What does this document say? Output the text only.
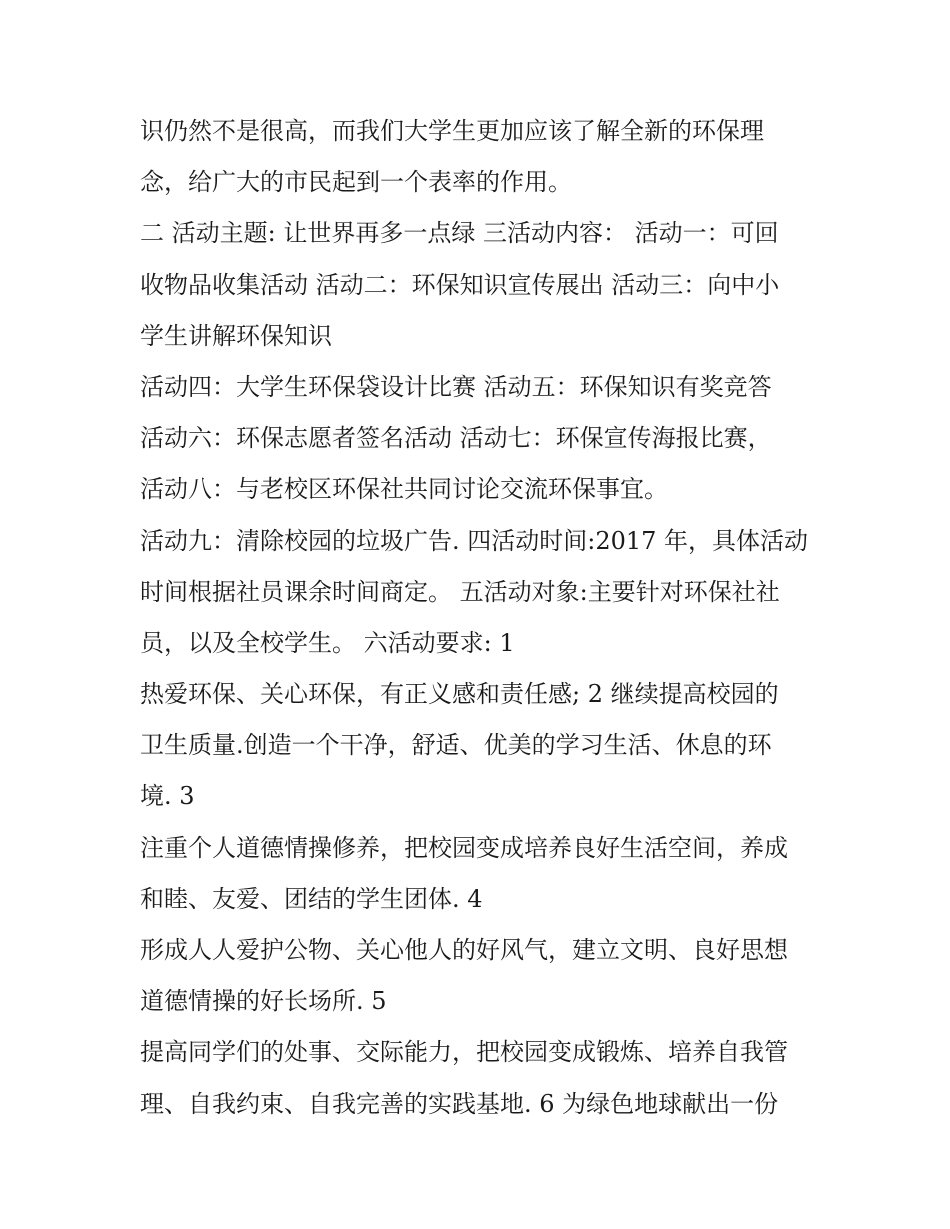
识仍然不是很高，而我们大学生更加应该了解全新的环保理
念，给广大的市民起到一个表率的作用。
二 活动主题: 让世界再多一点绿 三活动内容： 活动一：可回
收物品收集活动 活动二：环保知识宣传展出 活动三：向中小
学生讲解环保知识
活动四：大学生环保袋设计比赛 活动五：环保知识有奖竞答
活动六：环保志愿者签名活动 活动七：环保宣传海报比赛，
活动八：与老校区环保社共同讨论交流环保事宜。
活动九：清除校园的垃圾广告. 四活动时间:2017 年，具体活动
时间根据社员课余时间商定。 五活动对象:主要针对环保社社
员，以及全校学生。 六活动要求: 1
热爱环保、关心环保，有正义感和责任感; 2 继续提高校园的
卫生质量.创造一个干净，舒适、优美的学习生活、休息的环
境. 3
注重个人道德情操修养，把校园变成培养良好生活空间，养成
和睦、友爱、团结的学生团体. 4
形成人人爱护公物、关心他人的好风气，建立文明、良好思想
道德情操的好长场所. 5
提高同学们的处事、交际能力，把校园变成锻炼、培养自我管
理、自我约束、自我完善的实践基地. 6 为绿色地球献出一份
